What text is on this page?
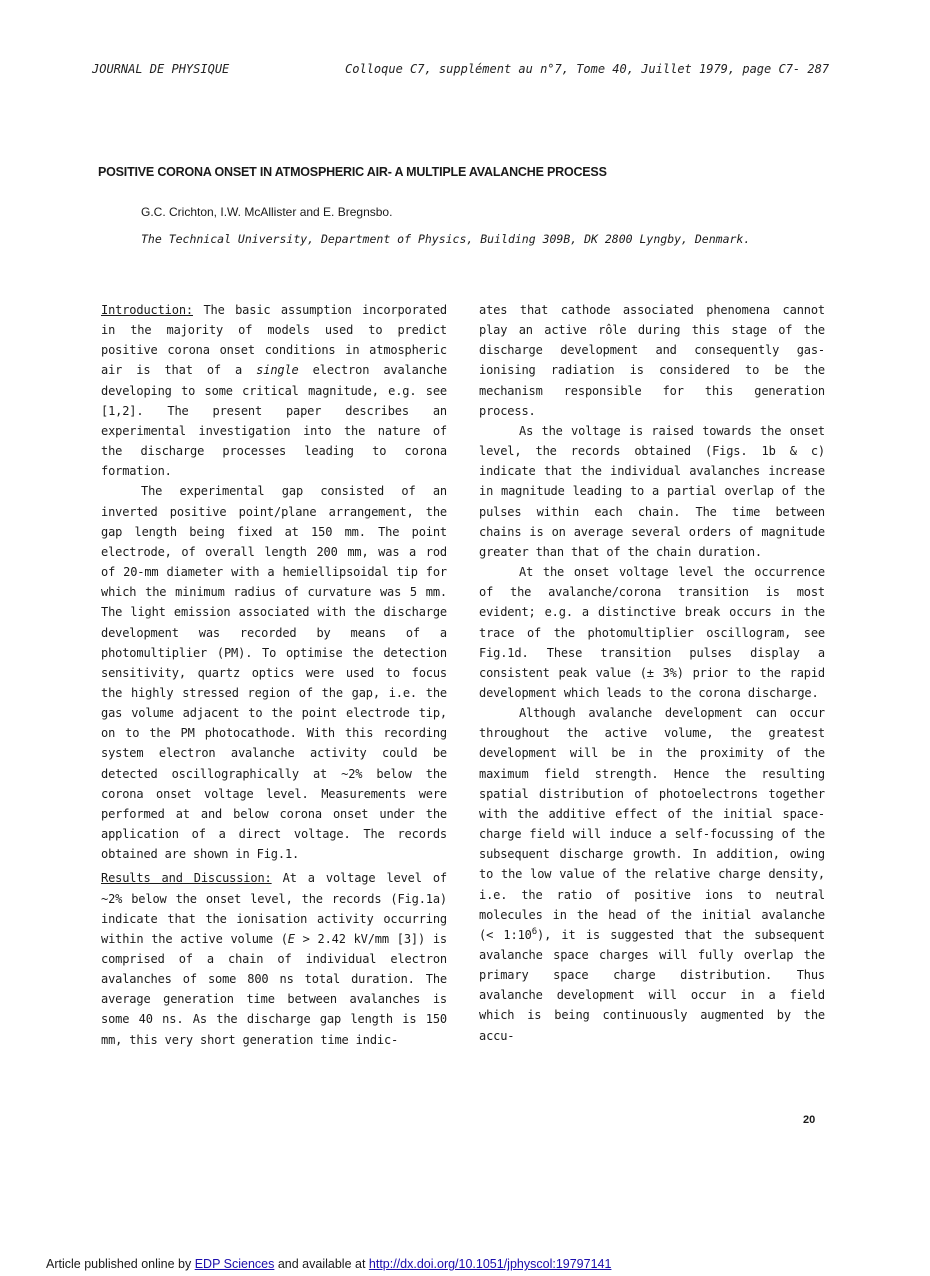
JOURNAL DE PHYSIQUE	Colloque C7, supplément au n°7, Tome 40, Juillet 1979, page C7- 287
POSITIVE CORONA ONSET IN ATMOSPHERIC AIR- A MULTIPLE AVALANCHE PROCESS
G.C. Crichton, I.W. McAllister and E. Bregnsbo.
The Technical University, Department of Physics, Building 309B, DK 2800 Lyngby, Denmark.

Introduction: The basic assumption incorporated in the majority of models used to predict positive corona onset conditions in atmospheric air is that of a single electron avalanche developing to some critical magnitude, e.g. see [1,2]. The present paper describes an experimental investigation into the nature of the discharge processes leading to corona formation.

The experimental gap consisted of an inverted positive point/plane arrangement, the gap length being fixed at 150 mm. The point electrode, of overall length 200 mm, was a rod of 20-mm diameter with a hemiellipsoidal tip for which the minimum radius of curvature was 5 mm. The light emission associated with the discharge development was recorded by means of a photomultiplier (PM). To optimise the detection sensitivity, quartz optics were used to focus the highly stressed region of the gap, i.e. the gas volume adjacent to the point electrode tip, on to the PM photocathode. With this recording system electron avalanche activity could be detected oscillographically at ~2% below the corona onset voltage level. Measurements were performed at and below corona onset under the application of a direct voltage. The records obtained are shown in Fig.1.

Results and Discussion: At a voltage level of ~2% below the onset level, the records (Fig.1a) indicate that the ionisation activity occurring within the active volume (E > 2.42 kV/mm [3]) is comprised of a chain of individual electron avalanches of some 800 ns total duration. The average generation time between avalanches is some 40 ns. As the discharge gap length is 150 mm, this very short generation time indic-

ates that cathode associated phenomena cannot play an active rôle during this stage of the discharge development and consequently gas-ionising radiation is considered to be the mechanism responsible for this generation process.

As the voltage is raised towards the onset level, the records obtained (Figs. 1b & c) indicate that the individual avalanches increase in magnitude leading to a partial overlap of the pulses within each chain. The time between chains is on average several orders of magnitude greater than that of the chain duration.

At the onset voltage level the occurrence of the avalanche/corona transition is most evident; e.g. a distinctive break occurs in the trace of the photomultiplier oscillogram, see Fig.1d. These transition pulses display a consistent peak value (± 3%) prior to the rapid development which leads to the corona discharge.

Although avalanche development can occur throughout the active volume, the greatest development will be in the proximity of the maximum field strength. Hence the resulting spatial distribution of photoelectrons together with the additive effect of the initial space-charge field will induce a self-focussing of the subsequent discharge growth. In addition, owing to the low value of the relative charge density, i.e. the ratio of positive ions to neutral molecules in the head of the initial avalanche (< $1:10^6$), it is suggested that the subsequent avalanche space charges will fully overlap the primary space charge distribution. Thus avalanche development will occur in a field which is being continuously augmented by the accu-

20
Article published online by EDP Sciences and available at http://dx.doi.org/10.1051/jphyscol:19797141
